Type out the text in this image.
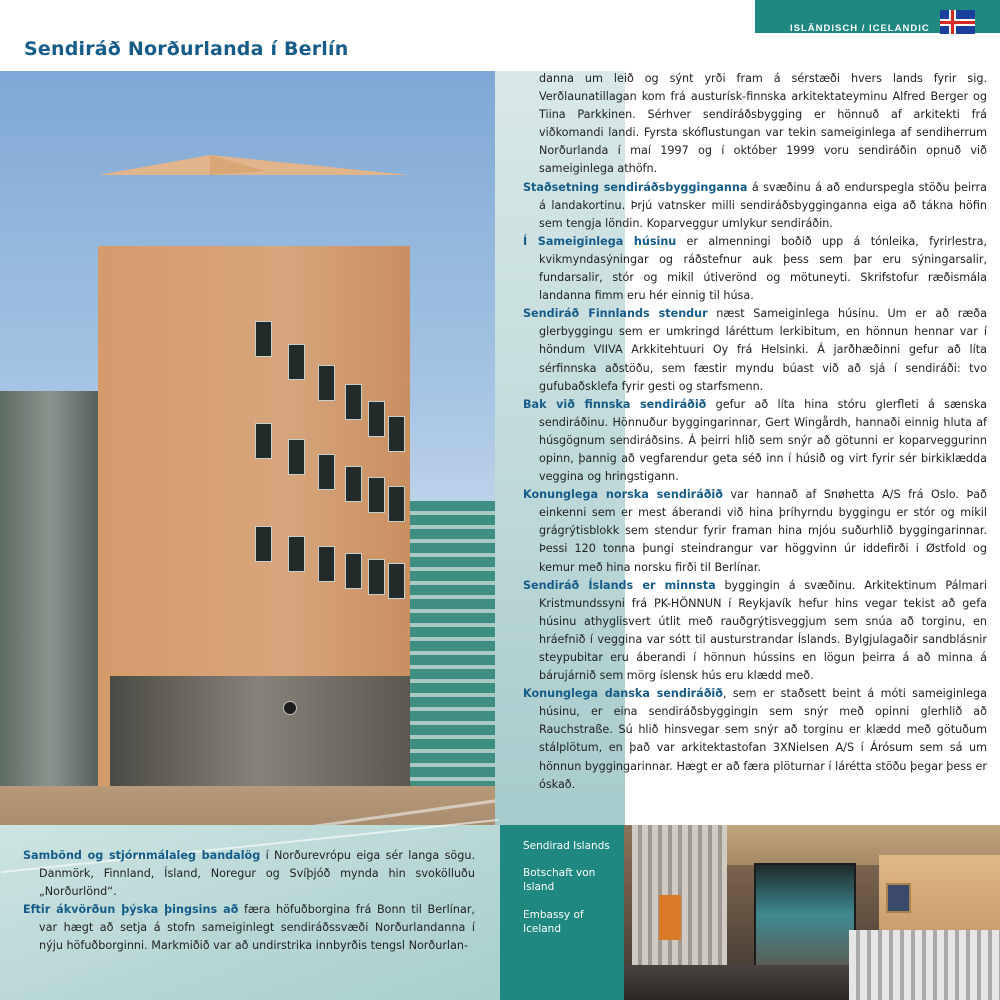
ISLÄNDISCH / ICELANDIC
Sendiráð Norðurlanda í Berlín

danna um leið og sýnt yrði fram á sérstæði hvers lands fyrir sig. Verðlaunatillagan kom frá austurísk-finnska arkitektateyminu Alfred Berger og Tiina Parkkinen. Sérhver sendiráðsbygging er hönnuð af arkitekti frá viðkomandi landi. Fyrsta skóflustungan var tekin sameiginlega af sendiherrum Norðurlanda í maí 1997 og í október 1999 voru sendiráðin opnuð við sameiginlega athöfn.

Staðsetning sendiráðsbygginganna á svæðinu á að endurspegla stöðu þeirra á landakortinu. Þrjú vatnsker milli sendiráðsbygginganna eiga að tákna höfin sem tengja löndin. Koparveggur umlykur sendiráðin.

Í Sameiginlega húsinu er almenningi boðið upp á tónleika, fyrirlestra, kvikmyndasýningar og ráðstefnur auk þess sem þar eru sýningarsalir, fundarsalir, stór og mikil útiverönd og mötuneyti. Skrifstofur ræðismála landanna fimm eru hér einnig til húsa.

Sendiráð Finnlands stendur næst Sameiginlega húsinu. Um er að ræða glerbyggingu sem er umkringd láréttum lerkibitum, en hönnun hennar var í höndum VIIVA Arkkitehtuuri Oy frá Helsinki. Á jarðhæðinni gefur að líta sérfinnska aðstöðu, sem fæstir myndu búast við að sjá í sendiráði: tvo gufubaðsklefa fyrir gesti og starfsmenn.

Bak við finnska sendiráðið gefur að líta hina stóru glerfleti á sænska sendiráðinu. Hönnuður byggingarinnar, Gert Wingårdh, hannaði einnig hluta af húsgögnum sendiráðsins. Á þeirri hlið sem snýr að götunni er koparveggurinn opinn, þannig að vegfarendur geta séð inn í húsið og virt fyrir sér birkiklædda veggina og hringstigann.

Konunglega norska sendiráðið var hannað af Snøhetta A/S frá Oslo. Það einkenni sem er mest áberandi við hina þríhyrndu byggingu er stór og mikil grágrýtisblokk sem stendur fyrir framan hina mjóu suðurhlið byggingarinnar. Þessi 120 tonna þungi steindrangur var höggvinn úr iddefirði i Østfold og kemur með hina norsku firði til Berlínar.

Sendiráð Íslands er minnsta byggingin á svæðinu. Arkitektinum Pálmari Kristmundssyni frá PK-HÖNNUN í Reykjavík hefur hins vegar tekist að gefa húsinu athyglisvert útlit með rauðgrýtisveggjum sem snúa að torginu, en hráefnið í veggina var sótt til austurstrandar Íslands. Bylgjulagaðir sandblásnir steypubitar eru áberandi í hönnun hússins en lögun þeirra á að minna á bárujárnið sem mörg íslensk hús eru klædd með.

Konunglega danska sendiráðið, sem er staðsett beint á móti sameiginlega húsinu, er eina sendiráðsbyggingin sem snýr með opinni glerhlið að Rauchstraße. Sú hlið hinsvegar sem snýr að torginu er klædd með götuðum stálplötum, en það var arkitektastofan 3XNielsen A/S í Árósum sem sá um hönnun byggingarinnar. Hægt er að færa plöturnar í lárétta stöðu þegar þess er óskað.

Sambönd og stjórnmálaleg bandalög í Norðurevrópu eiga sér langa sögu. Danmörk, Finnland, Ísland, Noregur og Svíþjóð mynda hin svokölluðu „Norðurlönd“.

Eftir ákvörðun þýska þingsins að færa höfuðborgina frá Bonn til Berlínar, var hægt að setja á stofn sameiginlegt sendiráðssvæði Norðurlandanna í nýju höfuðborginni. Markmiðið var að undirstrika innbyrðis tengsl Norðurlan-

Sendirad Islands
Botschaft von Island
Embassy of Iceland
